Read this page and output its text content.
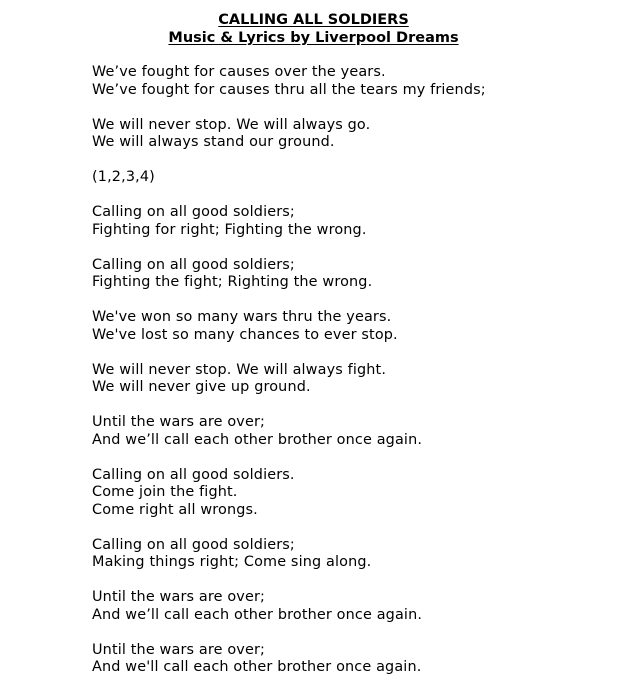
CALLING ALL SOLDIERS
Music & Lyrics by Liverpool Dreams
We’ve fought for causes over the years.
We’ve fought for causes thru all the tears my friends;
We will never stop. We will always go.
We will always stand our ground.
(1,2,3,4)
Calling on all good soldiers;
Fighting for right; Fighting the wrong.
Calling on all good soldiers;
Fighting the fight; Righting the wrong.
We've won so many wars thru the years.
We've lost so many chances to ever stop.
We will never stop. We will always fight.
We will never give up ground.
Until the wars are over;
And we’ll call each other brother once again.
Calling on all good soldiers.
Come join the fight.
Come right all wrongs.
Calling on all good soldiers;
Making things right; Come sing along.
Until the wars are over;
And we’ll call each other brother once again.
Until the wars are over;
And we'll call each other brother once again.
